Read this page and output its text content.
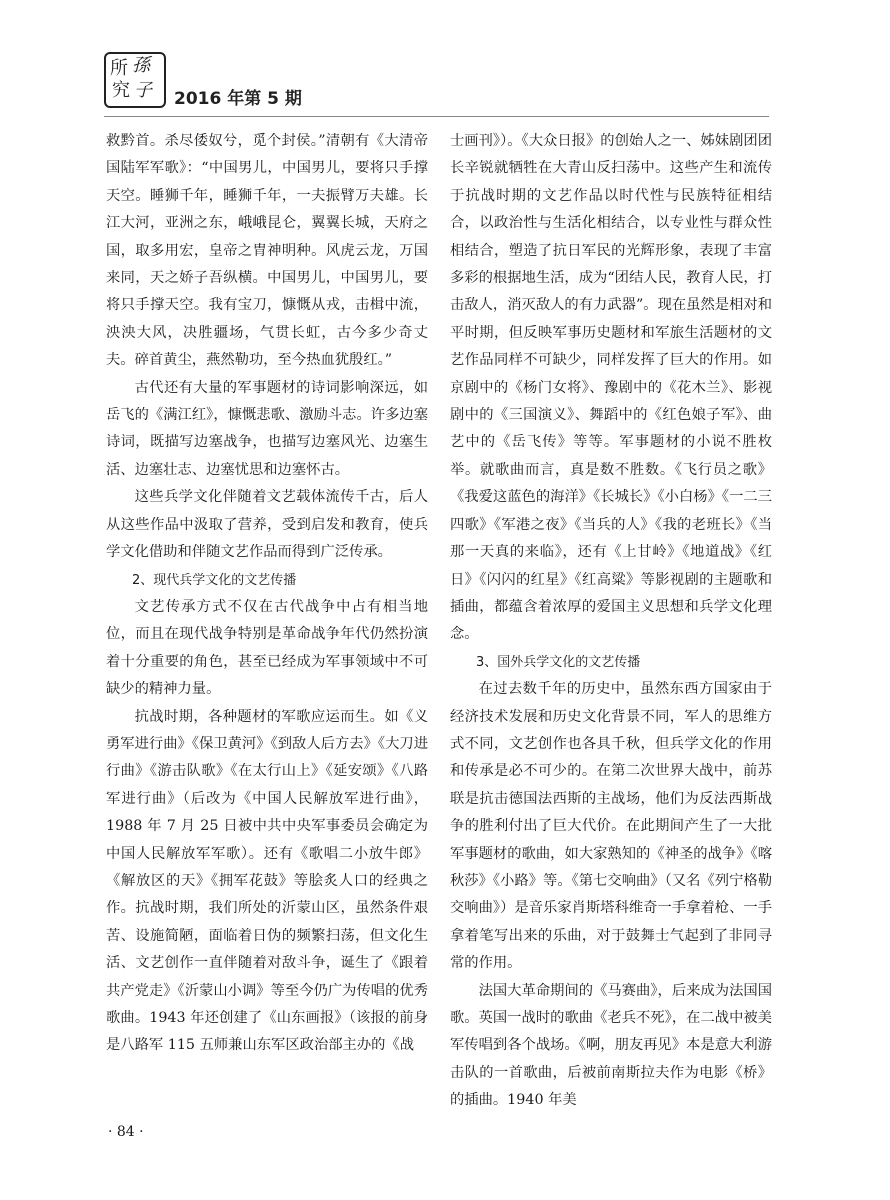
所 孫
究 子 2016 年第 5 期

救黔首。杀尽倭奴兮，觅个封侯。”清朝有《大清帝国陆军军歌》：“中国男儿，中国男儿，要将只手撑天空。睡狮千年，睡狮千年，一夫振臂万夫雄。长江大河，亚洲之东，峨峨昆仑，翼翼长城，天府之国，取多用宏，皇帝之胄神明种。风虎云龙，万国来同，天之娇子吾纵横。中国男儿，中国男儿，要将只手撑天空。我有宝刀，慷慨从戎，击楫中流，泱泱大风，决胜疆场，气贯长虹，古今多少奇丈夫。碎首黄尘，燕然勒功，至今热血犹殷红。”

古代还有大量的军事题材的诗词影响深远，如岳飞的《满江红》，慷慨悲歌、激励斗志。许多边塞诗词，既描写边塞战争，也描写边塞风光、边塞生活、边塞壮志、边塞忧思和边塞怀古。

这些兵学文化伴随着文艺载体流传千古，后人从这些作品中汲取了营养，受到启发和教育，使兵学文化借助和伴随文艺作品而得到广泛传承。

2、现代兵学文化的文艺传播

文艺传承方式不仅在古代战争中占有相当地位，而且在现代战争特别是革命战争年代仍然扮演着十分重要的角色，甚至已经成为军事领域中不可缺少的精神力量。

抗战时期，各种题材的军歌应运而生。如《义勇军进行曲》《保卫黄河》《到敌人后方去》《大刀进行曲》《游击队歌》《在太行山上》《延安颂》《八路军进行曲》（后改为《中国人民解放军进行曲》，1988 年 7 月 25 日被中共中央军事委员会确定为中国人民解放军军歌）。还有《歌唱二小放牛郎》《解放区的天》《拥军花鼓》等脍炙人口的经典之作。抗战时期，我们所处的沂蒙山区，虽然条件艰苦、设施简陋，面临着日伪的频繁扫荡，但文化生活、文艺创作一直伴随着对敌斗争，诞生了《跟着共产党走》《沂蒙山小调》等至今仍广为传唱的优秀歌曲。1943 年还创建了《山东画报》（该报的前身是八路军 115 五师兼山东军区政治部主办的《战

士画刊》）。《大众日报》的创始人之一、姊妹剧团团长辛锐就牺牲在大青山反扫荡中。这些产生和流传于抗战时期的文艺作品以时代性与民族特征相结合，以政治性与生活化相结合，以专业性与群众性相结合，塑造了抗日军民的光辉形象，表现了丰富多彩的根据地生活，成为“团结人民，教育人民，打击敌人，消灭敌人的有力武器”。现在虽然是相对和平时期，但反映军事历史题材和军旅生活题材的文艺作品同样不可缺少，同样发挥了巨大的作用。如京剧中的《杨门女将》、豫剧中的《花木兰》、影视剧中的《三国演义》、舞蹈中的《红色娘子军》、曲艺中的《岳飞传》等等。军事题材的小说不胜枚举。就歌曲而言，真是数不胜数。《飞行员之歌》《我爱这蓝色的海洋》《长城长》《小白杨》《一二三四歌》《军港之夜》《当兵的人》《我的老班长》《当那一天真的来临》，还有《上甘岭》《地道战》《红日》《闪闪的红星》《红高粱》等影视剧的主题歌和插曲，都蕴含着浓厚的爱国主义思想和兵学文化理念。

3、国外兵学文化的文艺传播

在过去数千年的历史中，虽然东西方国家由于经济技术发展和历史文化背景不同，军人的思维方式不同，文艺创作也各具千秋，但兵学文化的作用和传承是必不可少的。在第二次世界大战中，前苏联是抗击德国法西斯的主战场，他们为反法西斯战争的胜利付出了巨大代价。在此期间产生了一大批军事题材的歌曲，如大家熟知的《神圣的战争》《喀秋莎》《小路》等。《第七交响曲》（又名《列宁格勒交响曲》）是音乐家肖斯塔科维奇一手拿着枪、一手拿着笔写出来的乐曲，对于鼓舞士气起到了非同寻常的作用。

法国大革命期间的《马赛曲》，后来成为法国国歌。英国一战时的歌曲《老兵不死》，在二战中被美军传唱到各个战场。《啊，朋友再见》本是意大利游击队的一首歌曲，后被前南斯拉夫作为电影《桥》的插曲。1940 年美

· 84 ·
